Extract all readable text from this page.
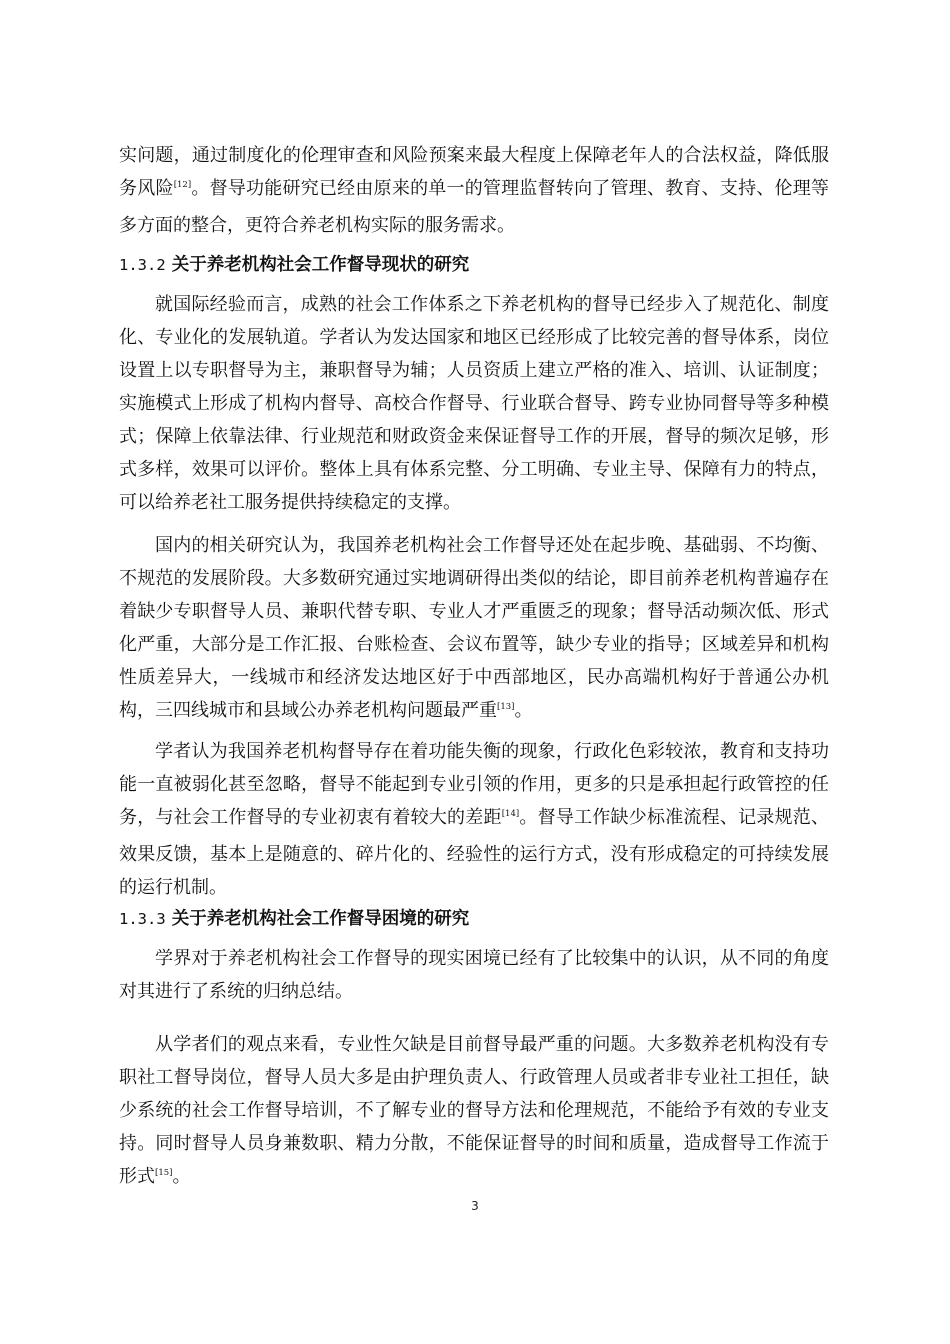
实问题，通过制度化的伦理审查和风险预案来最大程度上保障老年人的合法权益，降低服务风险[12]。督导功能研究已经由原来的单一的管理监督转向了管理、教育、支持、伦理等多方面的整合，更符合养老机构实际的服务需求。

1.3.2 关于养老机构社会工作督导现状的研究

就国际经验而言，成熟的社会工作体系之下养老机构的督导已经步入了规范化、制度化、专业化的发展轨道。学者认为发达国家和地区已经形成了比较完善的督导体系，岗位设置上以专职督导为主，兼职督导为辅；人员资质上建立严格的准入、培训、认证制度；实施模式上形成了机构内督导、高校合作督导、行业联合督导、跨专业协同督导等多种模式；保障上依靠法律、行业规范和财政资金来保证督导工作的开展，督导的频次足够，形式多样，效果可以评价。整体上具有体系完整、分工明确、专业主导、保障有力的特点，可以给养老社工服务提供持续稳定的支撑。

国内的相关研究认为，我国养老机构社会工作督导还处在起步晚、基础弱、不均衡、不规范的发展阶段。大多数研究通过实地调研得出类似的结论，即目前养老机构普遍存在着缺少专职督导人员、兼职代替专职、专业人才严重匮乏的现象；督导活动频次低、形式化严重，大部分是工作汇报、台账检查、会议布置等，缺少专业的指导；区域差异和机构性质差异大，一线城市和经济发达地区好于中西部地区，民办高端机构好于普通公办机构，三四线城市和县域公办养老机构问题最严重[13]。

学者认为我国养老机构督导存在着功能失衡的现象，行政化色彩较浓，教育和支持功能一直被弱化甚至忽略，督导不能起到专业引领的作用，更多的只是承担起行政管控的任务，与社会工作督导的专业初衷有着较大的差距[14]。督导工作缺少标准流程、记录规范、效果反馈，基本上是随意的、碎片化的、经验性的运行方式，没有形成稳定的可持续发展的运行机制。

1.3.3 关于养老机构社会工作督导困境的研究

学界对于养老机构社会工作督导的现实困境已经有了比较集中的认识，从不同的角度对其进行了系统的归纳总结。

从学者们的观点来看，专业性欠缺是目前督导最严重的问题。大多数养老机构没有专职社工督导岗位，督导人员大多是由护理负责人、行政管理人员或者非专业社工担任，缺少系统的社会工作督导培训，不了解专业的督导方法和伦理规范，不能给予有效的专业支持。同时督导人员身兼数职、精力分散，不能保证督导的时间和质量，造成督导工作流于形式[15]。

3
